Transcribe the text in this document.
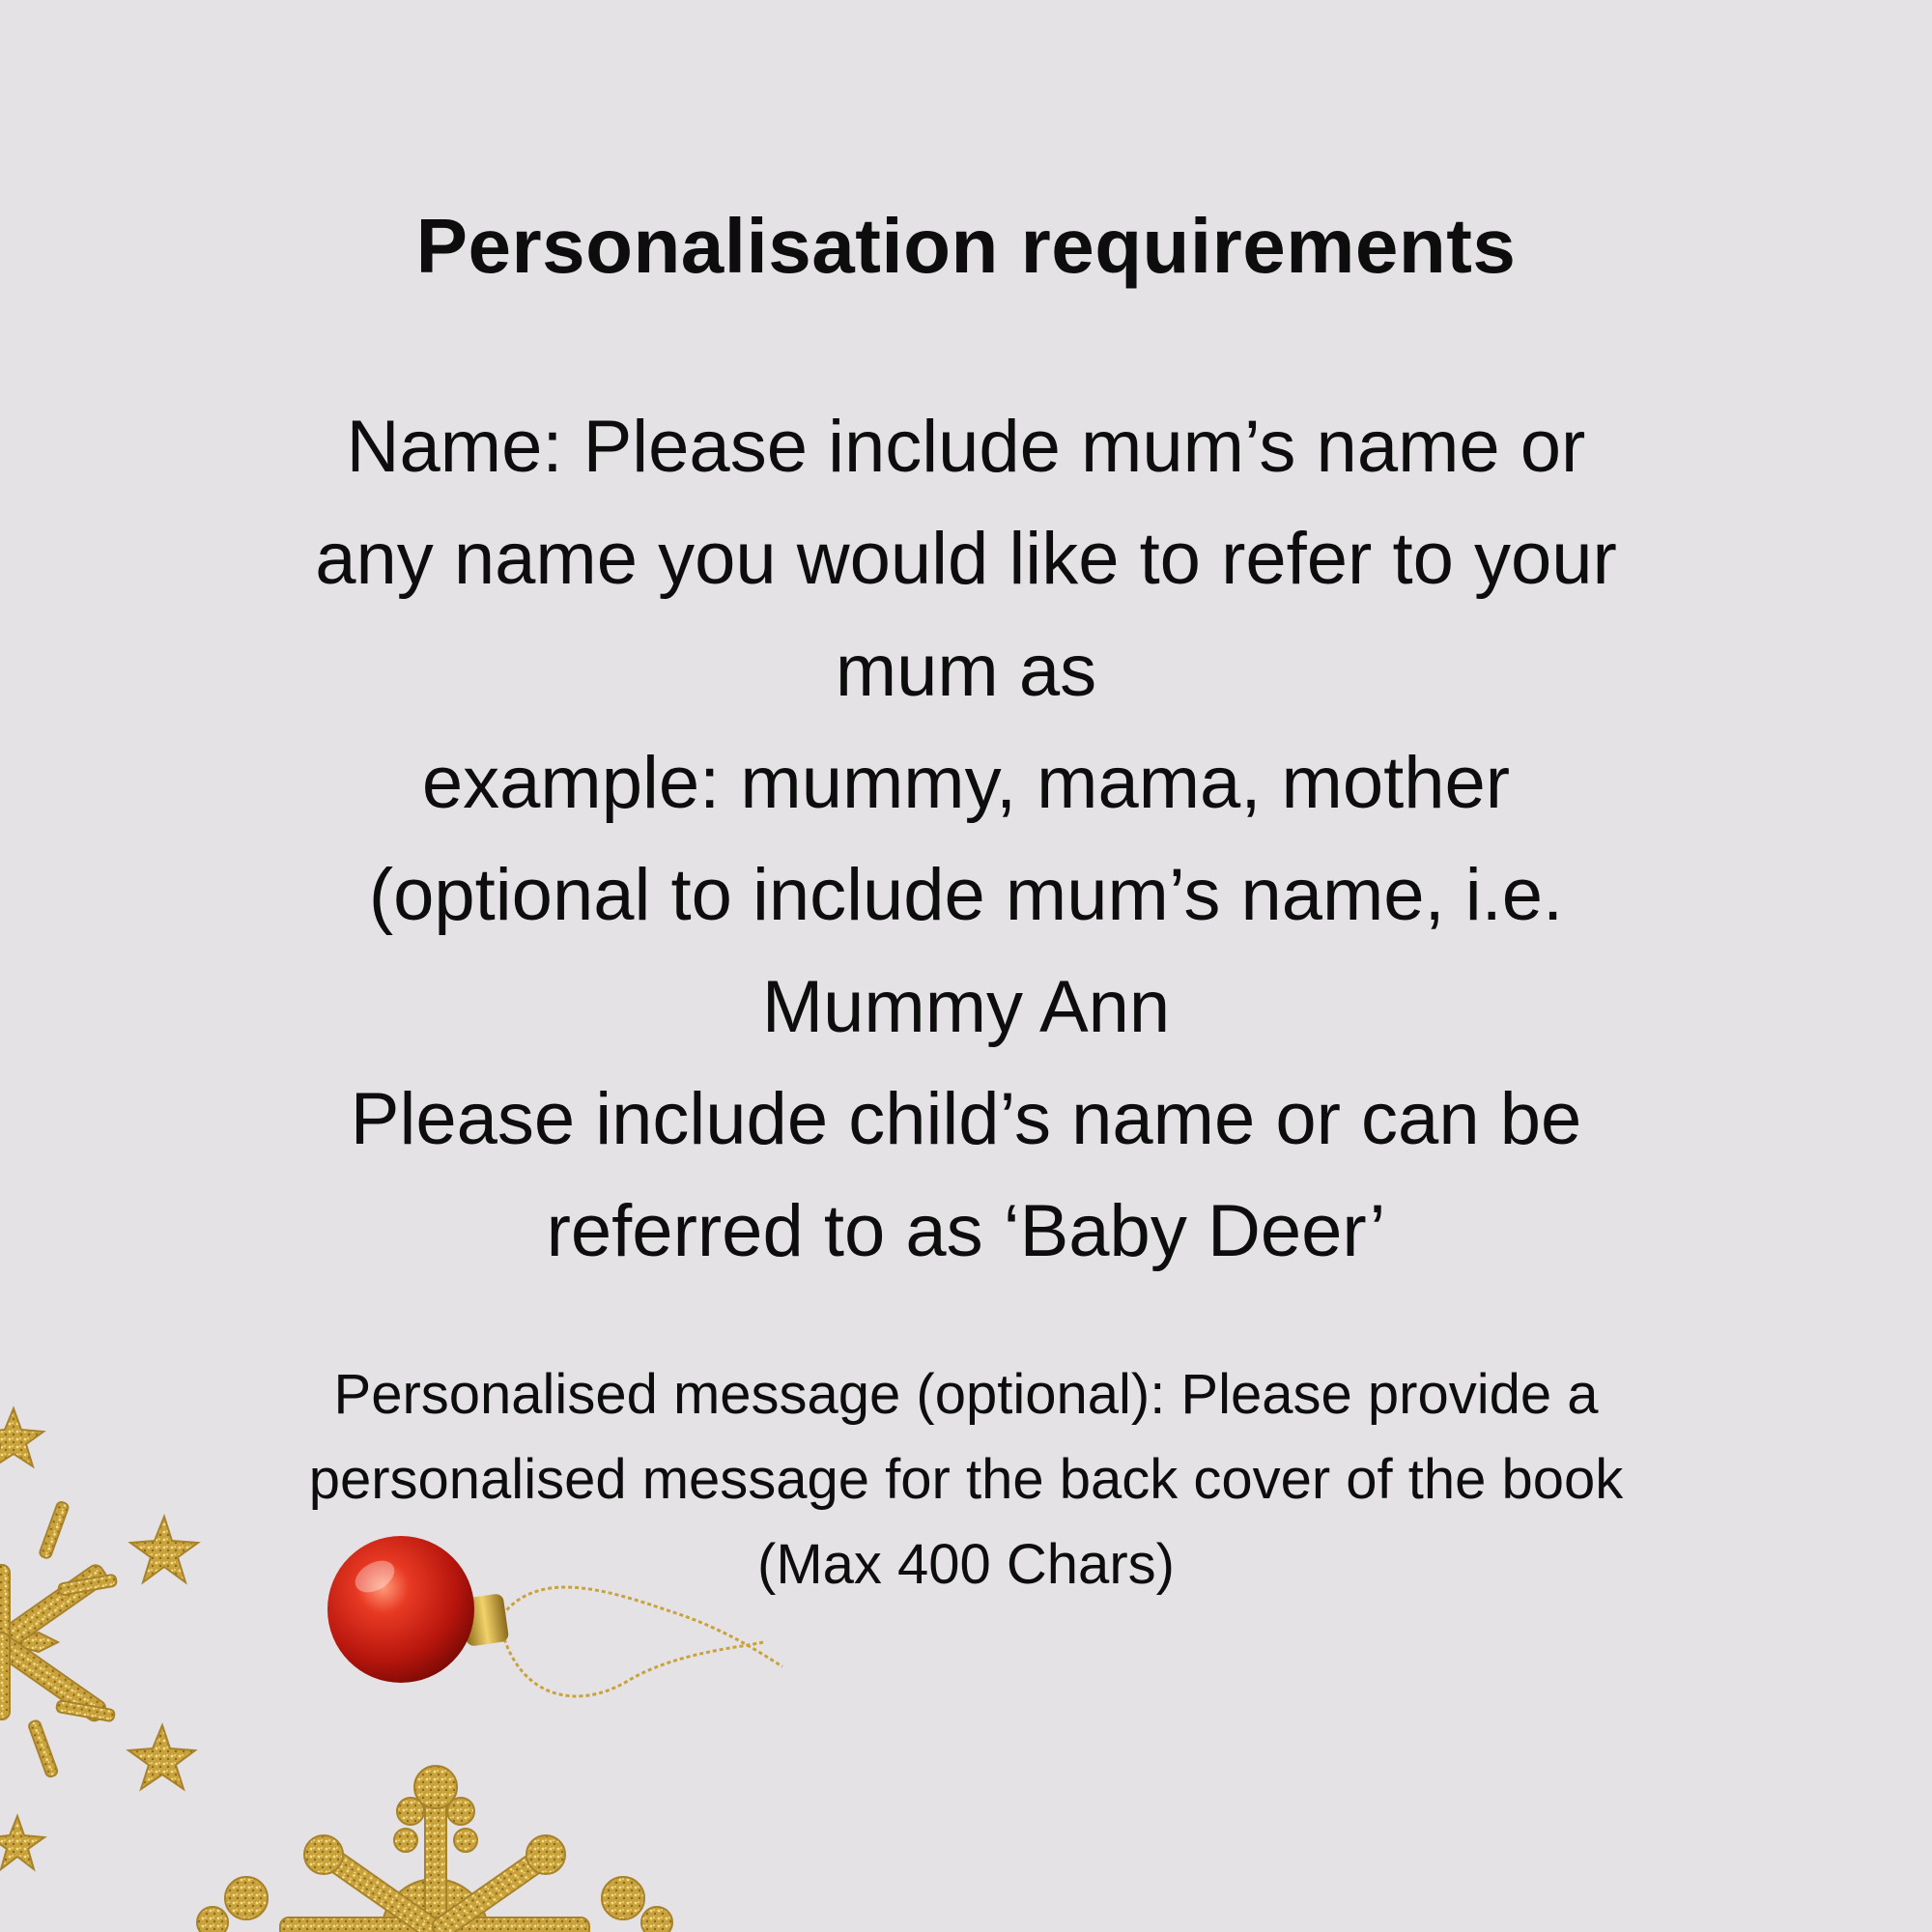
Personalisation requirements
Name: Please include mum’s name or
any name you would like to refer to your
mum as
example: mummy, mama, mother
(optional to include mum’s name, i.e.
Mummy Ann
Please include child’s name or can be
referred to as ‘Baby Deer’
Personalised message (optional): Please provide a
personalised message for the back cover of the book
(Max 400 Chars)
